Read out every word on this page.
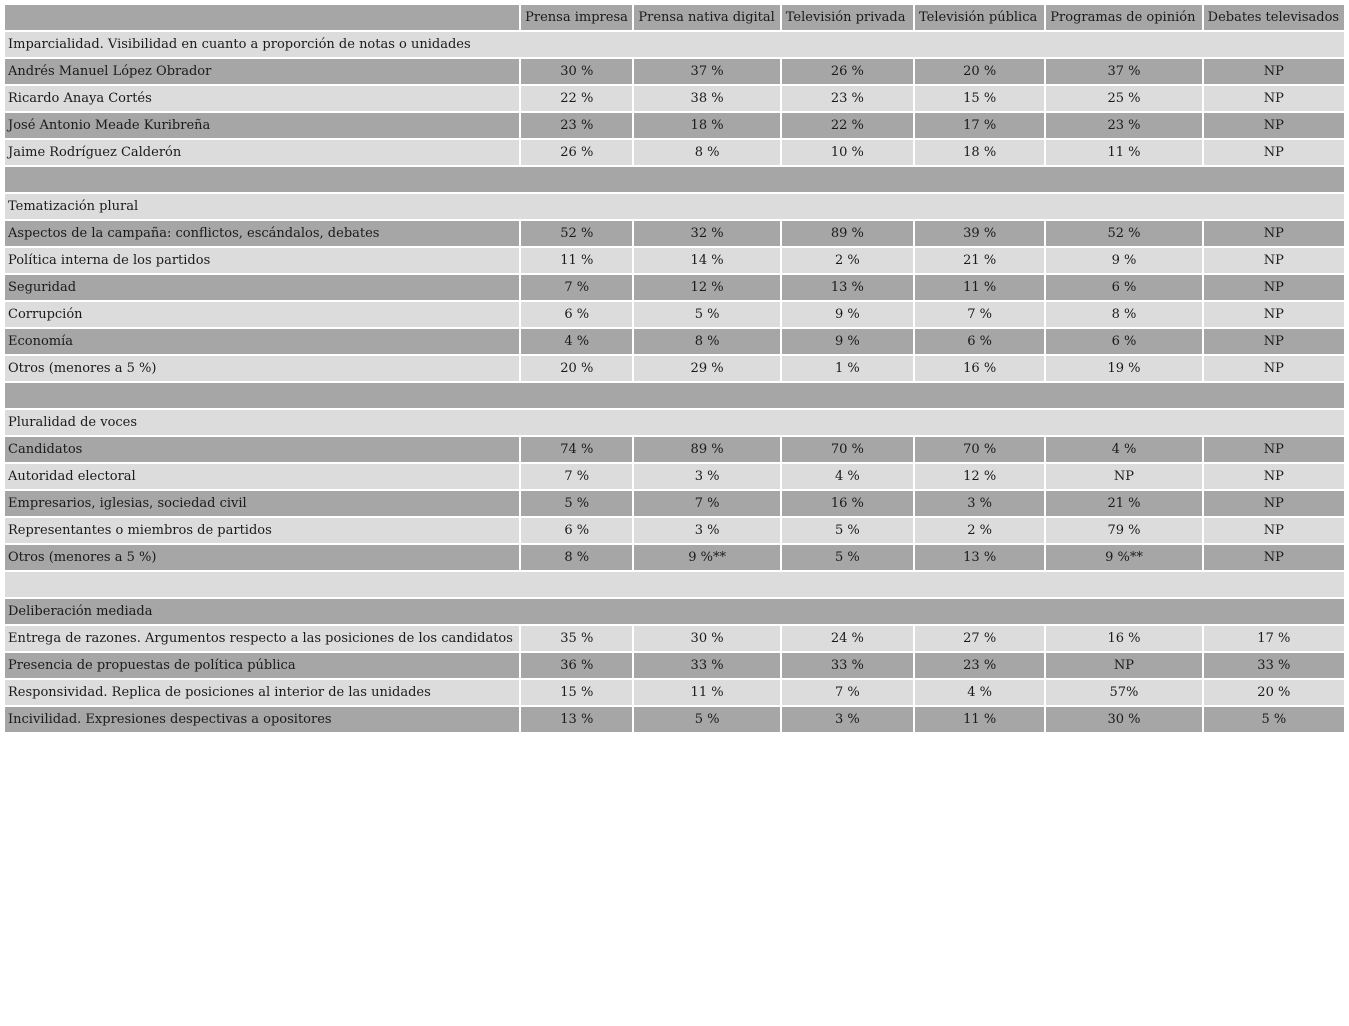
	Prensa impresa	Prensa nativa digital	Televisión privada	Televisión pública	Programas de opinión	Debates televisados
Imparcialidad. Visibilidad en cuanto a proporción de notas o unidades						
Andrés Manuel López Obrador	30 %	37 %	26 %	20 %	37 %	NP
Ricardo Anaya Cortés	22 %	38 %	23 %	15 %	25 %	NP
José Antonio Meade Kuribreña	23 %	18 %	22 %	17 %	23 %	NP
Jaime Rodríguez Calderón	26 %	8 %	10 %	18 %	11 %	NP

Tematización plural						
Aspectos de la campaña: conflictos, escándalos, debates	52 %	32 %	89 %	39 %	52 %	NP
Política interna de los partidos	11 %	14 %	2 %	21 %	9 %	NP
Seguridad	7 %	12 %	13 %	11 %	6 %	NP
Corrupción	6 %	5 %	9 %	7 %	8 %	NP
Economía	4 %	8 %	9 %	6 %	6 %	NP
Otros (menores a 5 %)	20 %	29 %	1 %	16 %	19 %	NP

Pluralidad de voces						
Candidatos	74 %	89 %	70 %	70 %	4 %	NP
Autoridad electoral	7 %	3 %	4 %	12 %	NP	NP
Empresarios, iglesias, sociedad civil	5 %	7 %	16 %	3 %	21 %	NP
Representantes o miembros de partidos	6 %	3 %	5 %	2 %	79 %	NP
Otros (menores a 5 %)	8 %	9 %**	5 %	13 %	9 %**	NP

Deliberación mediada						
Entrega de razones. Argumentos respecto a las posiciones de los candidatos	35 %	30 %	24 %	27 %	16 %	17 %
Presencia de propuestas de política pública	36 %	33 %	33 %	23 %	NP	33 %
Responsividad. Replica de posiciones al interior de las unidades	15 %	11 %	7 %	4 %	57%	20 %
Incivilidad. Expresiones despectivas a opositores	13 %	5 %	3 %	11 %	30 %	5 %
